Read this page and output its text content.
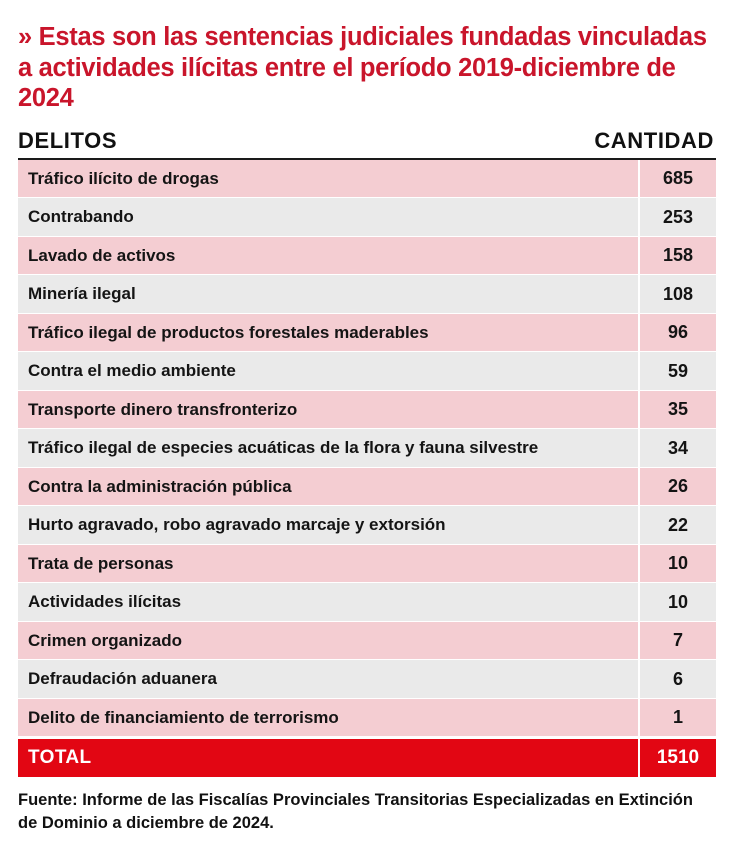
» Estas son las sentencias judiciales fundadas vinculadas a actividades ilícitas entre el período 2019-diciembre de 2024
DELITOS	CANTIDAD
Tráfico ilícito de drogas	685
Contrabando	253
Lavado de activos	158
Minería ilegal	108
Tráfico ilegal de productos forestales maderables	96
Contra el medio ambiente	59
Transporte dinero transfronterizo	35
Tráfico ilegal de especies acuáticas de la flora y fauna silvestre	34
Contra la administración pública	26
Hurto agravado, robo agravado marcaje y extorsión	22
Trata de personas	10
Actividades ilícitas	10
Crimen organizado	7
Defraudación aduanera	6
Delito de financiamiento de terrorismo	1
TOTAL	1510
Fuente: Informe de las Fiscalías Provinciales Transitorias Especializadas en Extinción de Dominio a diciembre de 2024.
